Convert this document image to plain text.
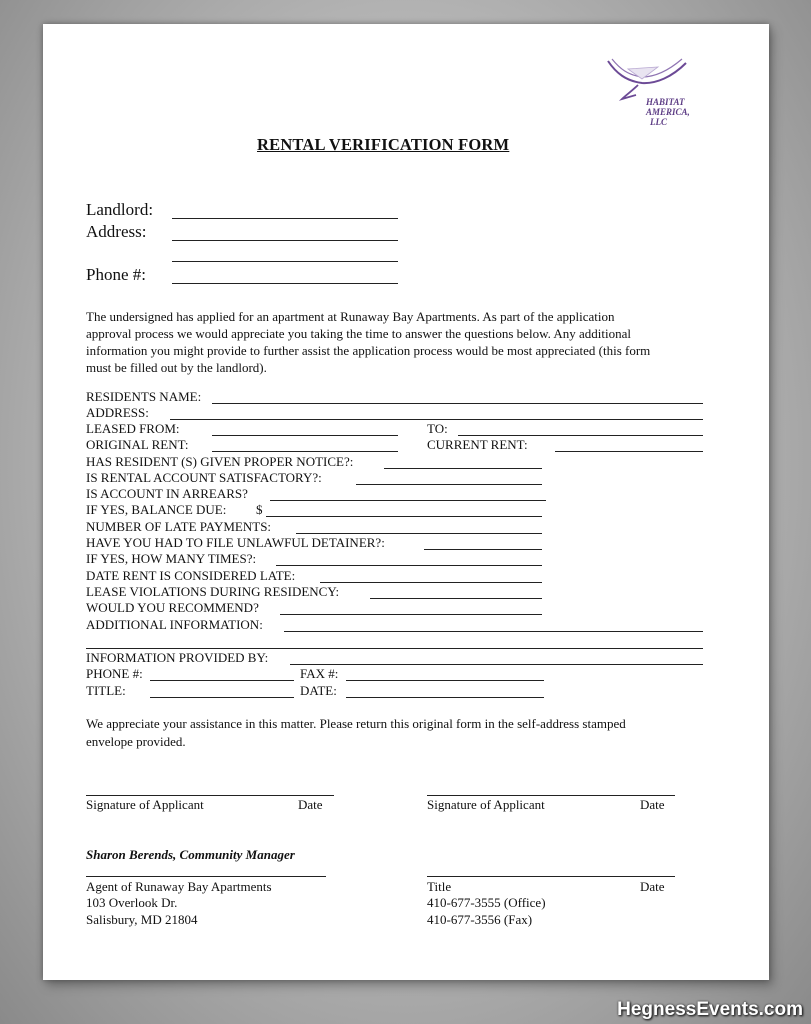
HABITAT
AMERICA,
LLC
RENTAL VERIFICATION FORM
Landlord:
Address:
Phone #:
The undersigned has applied for an apartment at Runaway Bay Apartments. As part of the application
approval process we would appreciate you taking the time to answer the questions below. Any additional
information you might provide to further assist the application process would be most appreciated (this form
must be filled out by the landlord).
RESIDENTS NAME:
ADDRESS:
LEASED FROM:	TO:
ORIGINAL RENT:	CURRENT RENT:
HAS RESIDENT (S) GIVEN PROPER NOTICE?:
IS RENTAL ACCOUNT SATISFACTORY?:
IS ACCOUNT IN ARREARS?
IF YES, BALANCE DUE: $
NUMBER OF LATE PAYMENTS:
HAVE YOU HAD TO FILE UNLAWFUL DETAINER?:
IF YES, HOW MANY TIMES?:
DATE RENT IS CONSIDERED LATE:
LEASE VIOLATIONS DURING RESIDENCY:
WOULD YOU RECOMMEND?
ADDITIONAL INFORMATION:
INFORMATION PROVIDED BY:
PHONE #:	FAX #:
TITLE:	DATE:
We appreciate your assistance in this matter. Please return this original form in the self-address stamped
envelope provided.
Signature of Applicant	Date	Signature of Applicant	Date
Sharon Berends, Community Manager
Agent of Runaway Bay Apartments
103 Overlook Dr.
Salisbury, MD 21804
Title	Date
410-677-3555 (Office)
410-677-3556 (Fax)
HegnessEvents.com
